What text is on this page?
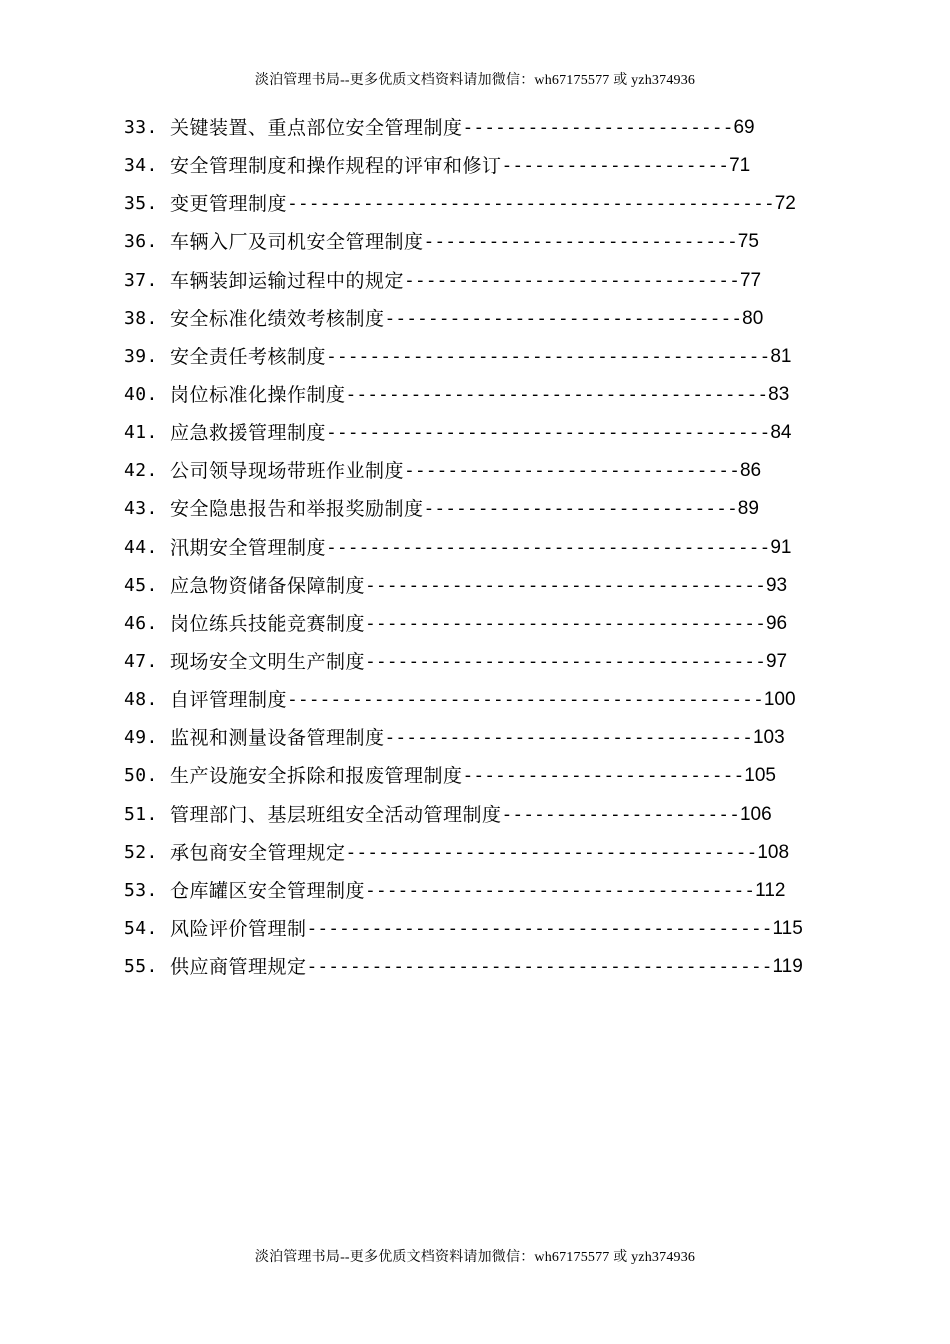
淡泊管理书局--更多优质文档资料请加微信：wh67175577 或 yzh374936
33. 关键装置、重点部位安全管理制度 ------------------------- 69
34. 安全管理制度和操作规程的评审和修订 --------------------- 71
35. 变更管理制度 --------------------------------------------- 72
36. 车辆入厂及司机安全管理制度 ----------------------------- 75
37. 车辆装卸运输过程中的规定 ------------------------------- 77
38. 安全标准化绩效考核制度 --------------------------------- 80
39. 安全责任考核制度 ----------------------------------------- 81
40. 岗位标准化操作制度 --------------------------------------- 83
41. 应急救援管理制度 ----------------------------------------- 84
42. 公司领导现场带班作业制度 ------------------------------- 86
43. 安全隐患报告和举报奖励制度 ----------------------------- 89
44. 汛期安全管理制度 ----------------------------------------- 91
45. 应急物资储备保障制度 ------------------------------------- 93
46. 岗位练兵技能竞赛制度 ------------------------------------- 96
47. 现场安全文明生产制度 ------------------------------------- 97
48. 自评管理制度 -------------------------------------------- 100
49. 监视和测量设备管理制度 ---------------------------------- 103
50. 生产设施安全拆除和报废管理制度 -------------------------- 105
51. 管理部门、基层班组安全活动管理制度 ---------------------- 106
52. 承包商安全管理规定 -------------------------------------- 108
53. 仓库罐区安全管理制度 ------------------------------------ 112
54. 风险评价管理制 ------------------------------------------- 115
55. 供应商管理规定 ------------------------------------------- 119
淡泊管理书局--更多优质文档资料请加微信：wh67175577 或 yzh374936
